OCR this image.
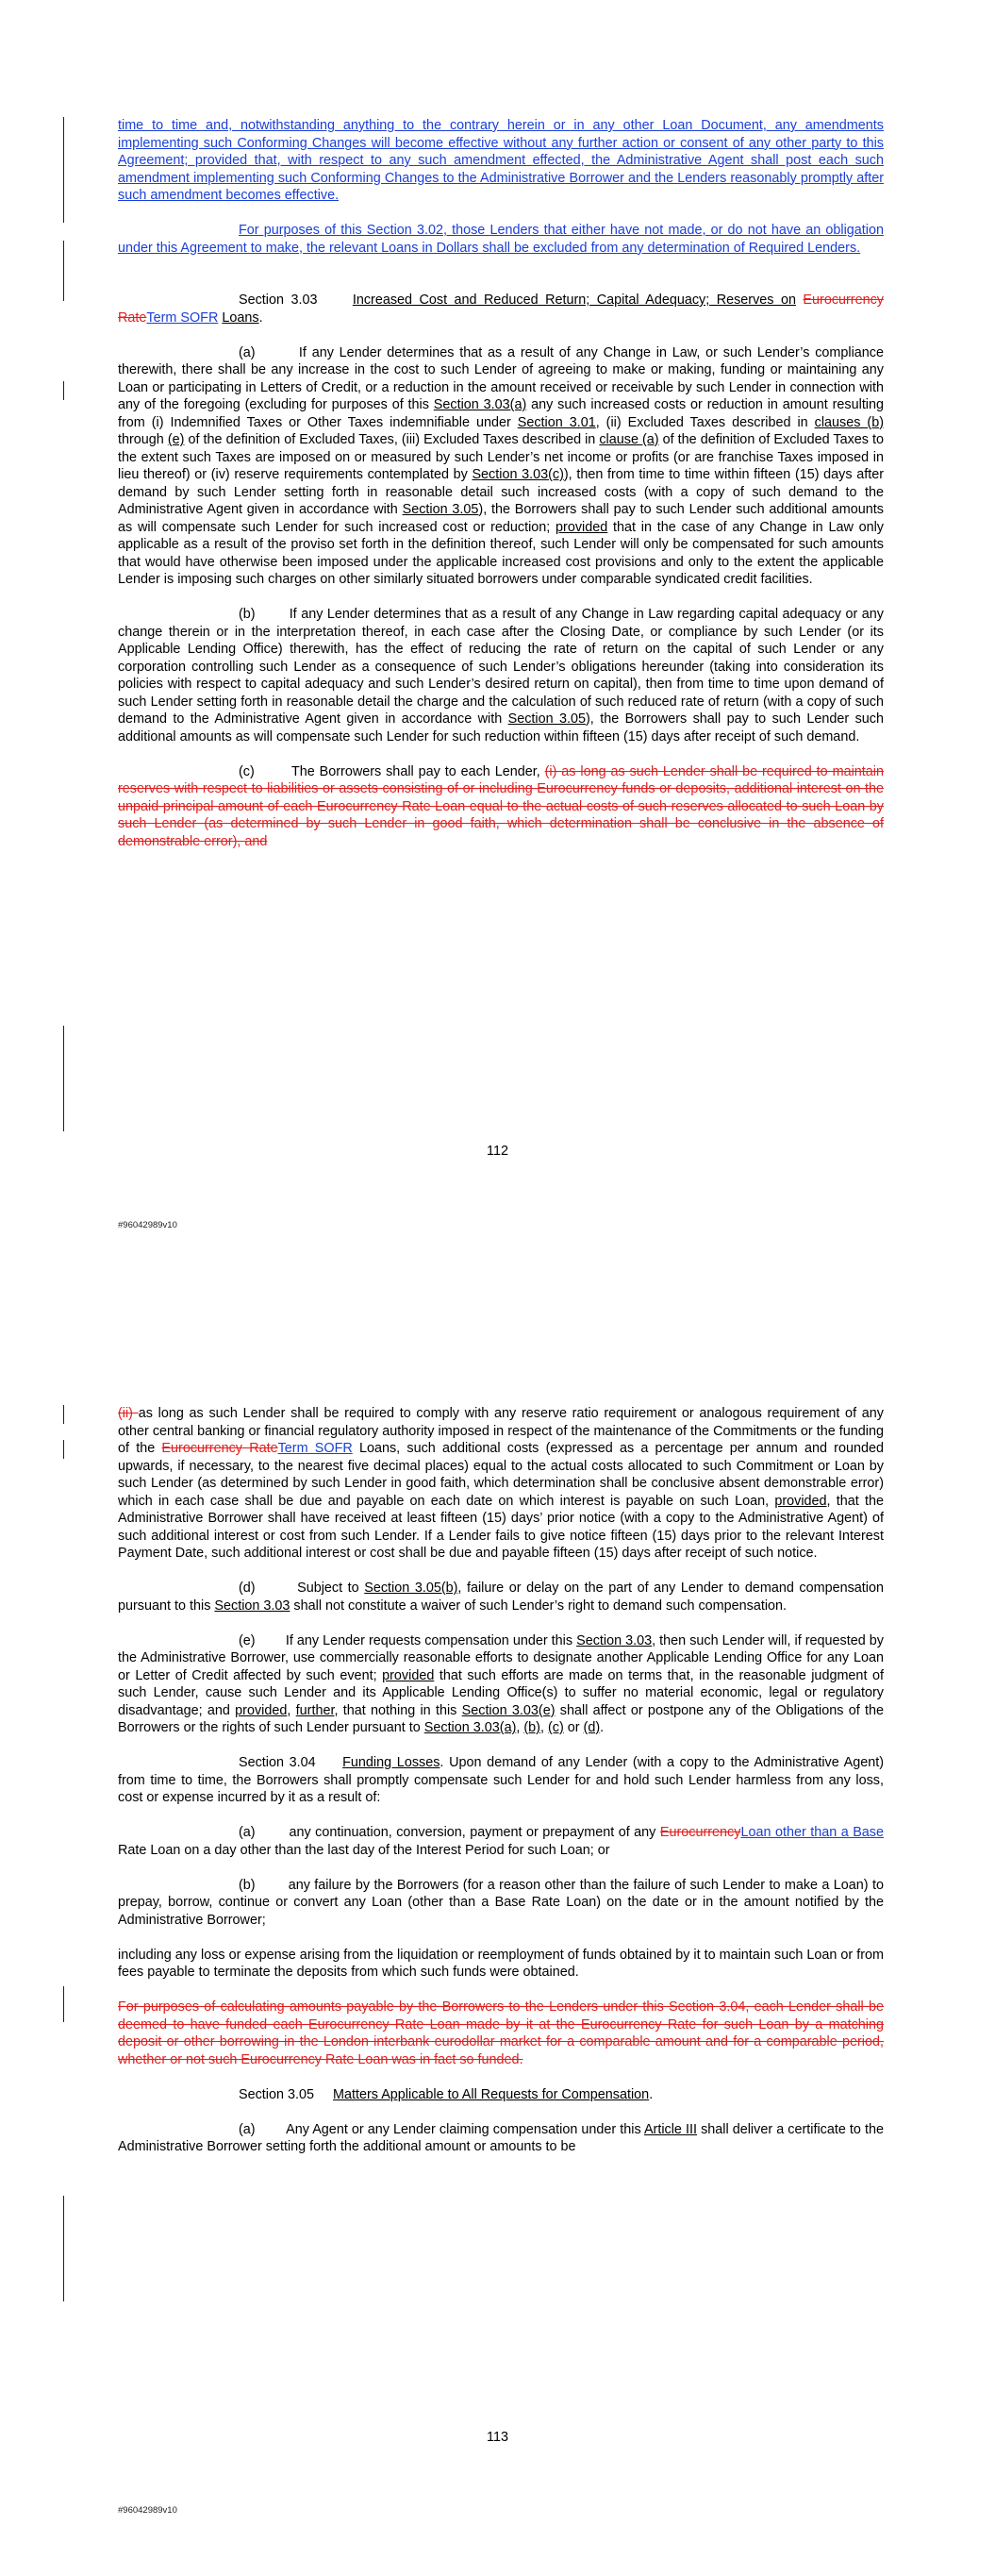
time to time and, notwithstanding anything to the contrary herein or in any other Loan Document, any amendments implementing such Conforming Changes will become effective without any further action or consent of any other party to this Agreement; provided that, with respect to any such amendment effected, the Administrative Agent shall post each such amendment implementing such Conforming Changes to the Administrative Borrower and the Lenders reasonably promptly after such amendment becomes effective.

For purposes of this Section 3.02, those Lenders that either have not made, or do not have an obligation under this Agreement to make, the relevant Loans in Dollars shall be excluded from any determination of Required Lenders.

Section 3.03	Increased Cost and Reduced Return; Capital Adequacy; Reserves on Eurocurrency RateTerm SOFR Loans.

(a)	If any Lender determines that as a result of any Change in Law, or such Lender’s compliance therewith, there shall be any increase in the cost to such Lender of agreeing to make or making, funding or maintaining any Loan or participating in Letters of Credit, or a reduction in the amount received or receivable by such Lender in connection with any of the foregoing (excluding for purposes of this Section 3.03(a) any such increased costs or reduction in amount resulting from (i) Indemnified Taxes or Other Taxes indemnifiable under Section 3.01, (ii) Excluded Taxes described in clauses (b) through (e) of the definition of Excluded Taxes, (iii) Excluded Taxes described in clause (a) of the definition of Excluded Taxes to the extent such Taxes are imposed on or measured by such Lender’s net income or profits (or are franchise Taxes imposed in lieu thereof) or (iv) reserve requirements contemplated by Section 3.03(c)), then from time to time within fifteen (15) days after demand by such Lender setting forth in reasonable detail such increased costs (with a copy of such demand to the Administrative Agent given in accordance with Section 3.05), the Borrowers shall pay to such Lender such additional amounts as will compensate such Lender for such increased cost or reduction; provided that in the case of any Change in Law only applicable as a result of the proviso set forth in the definition thereof, such Lender will only be compensated for such amounts that would have otherwise been imposed under the applicable increased cost provisions and only to the extent the applicable Lender is imposing such charges on other similarly situated borrowers under comparable syndicated credit facilities.

(b)	If any Lender determines that as a result of any Change in Law regarding capital adequacy or any change therein or in the interpretation thereof, in each case after the Closing Date, or compliance by such Lender (or its Applicable Lending Office) therewith, has the effect of reducing the rate of return on the capital of such Lender or any corporation controlling such Lender as a consequence of such Lender’s obligations hereunder (taking into consideration its policies with respect to capital adequacy and such Lender’s desired return on capital), then from time to time upon demand of such Lender setting forth in reasonable detail the charge and the calculation of such reduced rate of return (with a copy of such demand to the Administrative Agent given in accordance with Section 3.05), the Borrowers shall pay to such Lender such additional amounts as will compensate such Lender for such reduction within fifteen (15) days after receipt of such demand.

(c)	The Borrowers shall pay to each Lender, (i) as long as such Lender shall be required to maintain reserves with respect to liabilities or assets consisting of or including Eurocurrency funds or deposits, additional interest on the unpaid principal amount of each Eurocurrency Rate Loan equal to the actual costs of such reserves allocated to such Loan by such Lender (as determined by such Lender in good faith, which determination shall be conclusive in the absence of demonstrable error), and

112
#96042989v10

(ii) as long as such Lender shall be required to comply with any reserve ratio requirement or analogous requirement of any other central banking or financial regulatory authority imposed in respect of the maintenance of the Commitments or the funding of the Eurocurrency RateTerm SOFR Loans, such additional costs (expressed as a percentage per annum and rounded upwards, if necessary, to the nearest five decimal places) equal to the actual costs allocated to such Commitment or Loan by such Lender (as determined by such Lender in good faith, which determination shall be conclusive absent demonstrable error) which in each case shall be due and payable on each date on which interest is payable on such Loan, provided, that the Administrative Borrower shall have received at least fifteen (15) days’ prior notice (with a copy to the Administrative Agent) of such additional interest or cost from such Lender. If a Lender fails to give notice fifteen (15) days prior to the relevant Interest Payment Date, such additional interest or cost shall be due and payable fifteen (15) days after receipt of such notice.

(d)	Subject to Section 3.05(b), failure or delay on the part of any Lender to demand compensation pursuant to this Section 3.03 shall not constitute a waiver of such Lender’s right to demand such compensation.

(e) If any Lender requests compensation under this Section 3.03, then such Lender will, if requested by the Administrative Borrower, use commercially reasonable efforts to designate another Applicable Lending Office for any Loan or Letter of Credit affected by such event; provided that such efforts are made on terms that, in the reasonable judgment of such Lender, cause such Lender and its Applicable Lending Office(s) to suffer no material economic, legal or regulatory disadvantage; and provided, further, that nothing in this Section 3.03(e) shall affect or postpone any of the Obligations of the Borrowers or the rights of such Lender pursuant to Section 3.03(a), (b), (c) or (d).

Section 3.04 Funding Losses. Upon demand of any Lender (with a copy to the Administrative Agent) from time to time, the Borrowers shall promptly compensate such Lender for and hold such Lender harmless from any loss, cost or expense incurred by it as a result of:

(a) any continuation, conversion, payment or prepayment of any EurocurrencyLoan other than a Base Rate Loan on a day other than the last day of the Interest Period for such Loan; or

(b) any failure by the Borrowers (for a reason other than the failure of such Lender to make a Loan) to prepay, borrow, continue or convert any Loan (other than a Base Rate Loan) on the date or in the amount notified by the Administrative Borrower;

including any loss or expense arising from the liquidation or reemployment of funds obtained by it to maintain such Loan or from fees payable to terminate the deposits from which such funds were obtained.

For purposes of calculating amounts payable by the Borrowers to the Lenders under this Section 3.04, each Lender shall be deemed to have funded each Eurocurrency Rate Loan made by it at the Eurocurrency Rate for such Loan by a matching deposit or other borrowing in the London interbank eurodollar market for a comparable amount and for a comparable period, whether or not such Eurocurrency Rate Loan was in fact so funded.

Section 3.05 Matters Applicable to All Requests for Compensation.

(a) Any Agent or any Lender claiming compensation under this Article III shall deliver a certificate to the Administrative Borrower setting forth the additional amount or amounts to be

113
#96042989v10
